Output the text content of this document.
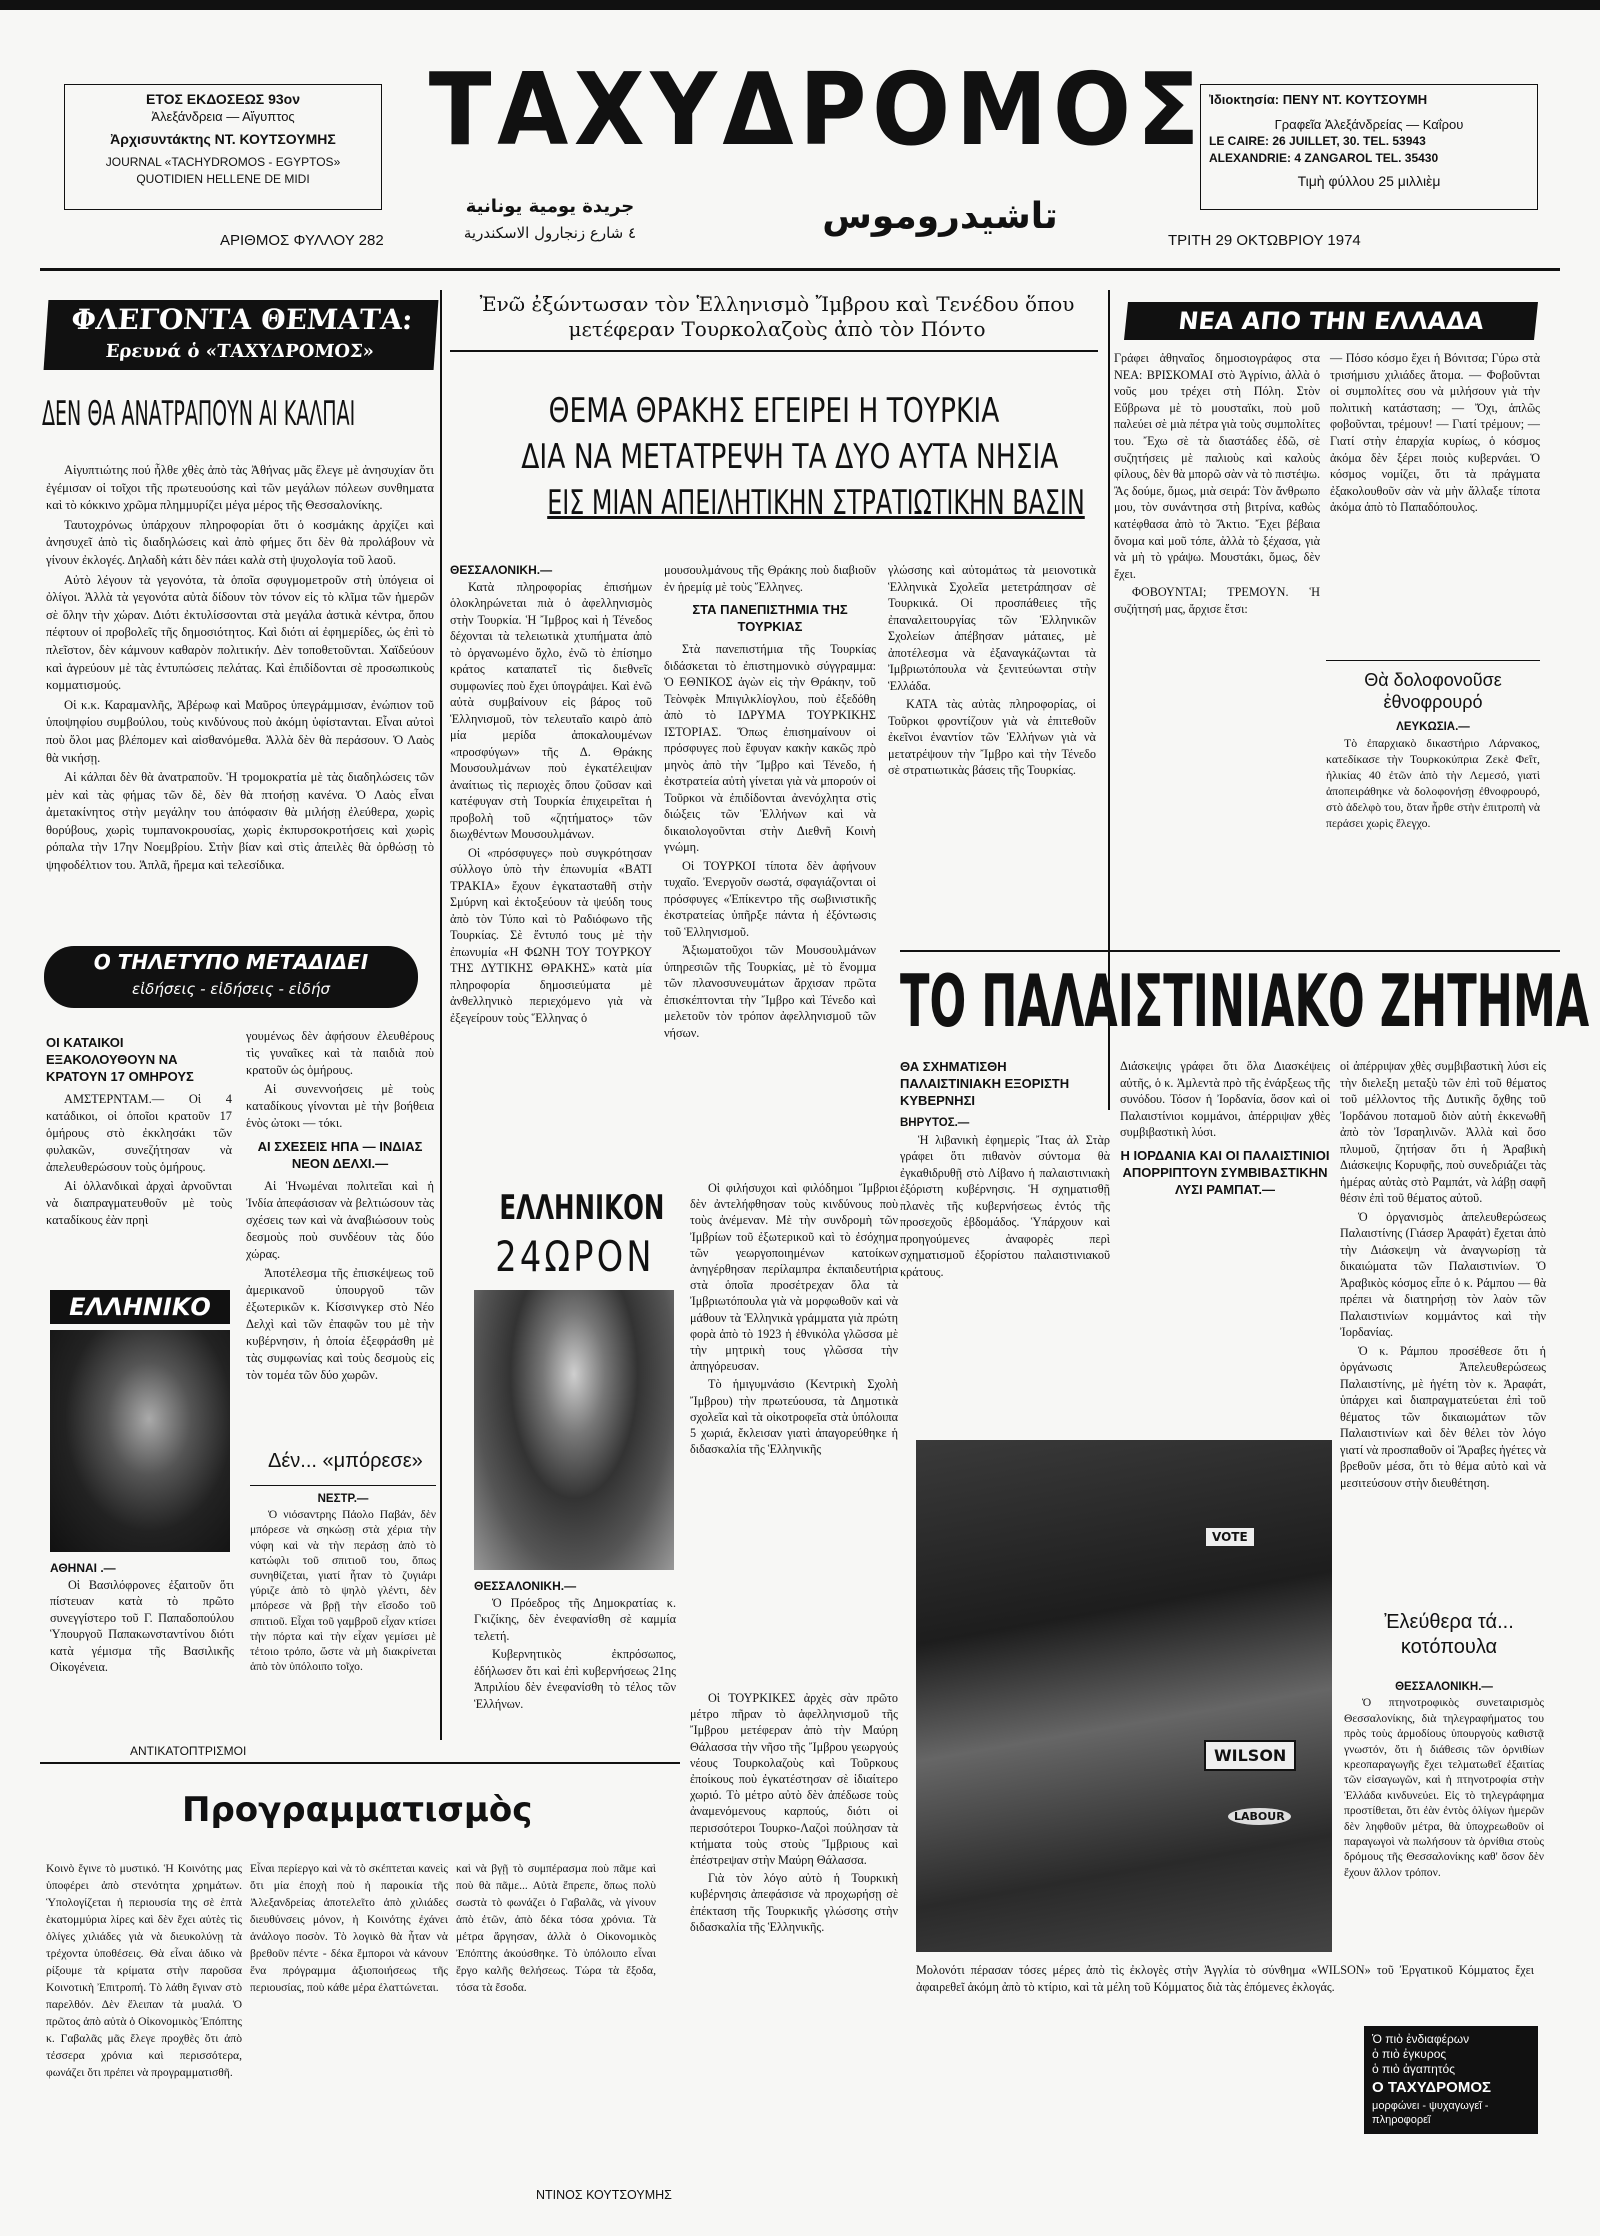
ΕΤΟΣ ΕΚΔΟΣΕΩΣ 93ον
Ἀλεξάνδρεια — Αἴγυπτος
Ἀρχισυντάκτης ΝΤ. ΚΟΥΤΣΟΥΜΗΣ
JOURNAL «TACHYDROMOS - EGYPTOS»
QUOTIDIEN HELLENE DE MIDI
ΤΑΧΥΔΡΟΜΟΣ Ἰδιοκτησία: ΠΕΝΥ ΝΤ. ΚΟΥΤΣΟΥΜΗ
Γραφεῖα Ἀλεξάνδρείας — Καΐρου
LE CAIRE: 26 JUILLET, 30. TEL. 53943
ALEXANDRIE: 4 ZANGAROL TEL. 35430
Τιμὴ φύλλου 25 μιλλιὲμ
ΑΡΙΘΜΟΣ ΦΥΛΛΟΥ 282
جريدة يومية يونانية
٤ شارع زنجارول الاسكندرية	تاشيدروموس
ΤΡΙΤΗ 29 ΟΚΤΩΒΡΙΟΥ 1974
ΦΛΕΓΟΝΤΑ ΘΕΜΑΤΑ:
Ερευνά ὁ «ΤΑΧΥΔΡΟΜΟΣ»
ΔΕΝ ΘΑ ΑΝΑΤΡΑΠΟΥΝ ΑΙ ΚΑΛΠΑΙ

Αἰγυπτιώτης πού ἦλθε χθὲς ἀπὸ τὰς Ἀθήνας μᾶς ἔλεγε μὲ ἀνησυχίαν ὅτι ἐγέμισαν οἱ τοῖχοι τῆς πρωτευούσης καὶ τῶν μεγάλων πόλεων συνθηματα καὶ τὸ κόκκινο χρῶμα πλημμυρίζει μέγα μέρος τῆς Θεσσαλονίκης.

Ταυτοχρόνως ὑπάρχουν πληροφορίαι ὅτι ὁ κοσμάκης ἀρχίζει καὶ ἀνησυχεῖ ἀπὸ τὶς διαδηλώσεις καὶ ἀπὸ φήμες ὅτι δὲν θὰ προλάβουν νὰ γίνουν ἐκλογές. Δηλαδὴ κάτι δὲν πάει καλὰ στὴ ψυχολογία τοῦ λαοῦ.

Αὐτὸ λέγουν τὰ γεγονότα, τὰ ὁποῖα σφυγμομετροῦν στὴ ὑπόγεια οἱ ὀλίγοι. Ἀλλὰ τὰ γεγονότα αὐτὰ δίδουν τὸν τόνον εἰς τὸ κλῖμα τῶν ἡμερῶν σὲ ὅλην τὴν χώραν. Διότι ἐκτυλίσσονται στὰ μεγάλα ἀστικὰ κέντρα, ὅπου πέφτουν οἱ προβολεῖς τῆς δημοσιότητος. Καὶ διότι αἱ ἐφημερίδες, ὡς ἐπὶ τὸ πλεῖστον, δὲν κάμνουν καθαρὸν πολιτικήν. Δὲν τοποθετοῦνται. Χαϊδεύουν καὶ ἀγρεύουν μὲ τὰς ἐντυπώσεις πελάτας. Καὶ ἐπιδίδονται σὲ προσωπικοὺς κομματισμούς.

Οἱ κ.κ. Καραμανλῆς, Ἀβέρωφ καὶ Μαῦρος ὑπεγράμμισαν, ἐνώπιον τοῦ ὑποψηφίου συμβούλου, τοὺς κινδύνους ποὺ ἀκόμη ὑφίστανται. Εἶναι αὐτοὶ ποὺ ὅλοι μας βλέπομεν καὶ αἰσθανόμεθα. Ἀλλὰ δὲν θὰ περάσουν. Ὁ Λαὸς θὰ νικήσῃ.

Αἱ κάλπαι δὲν θὰ ἀνατραποῦν. Ἡ τρομοκρατία μὲ τὰς διαδηλώσεις τῶν μὲν καὶ τὰς φήμας τῶν δὲ, δὲν θὰ πτοήσῃ κανένα. Ὁ Λαὸς εἶναι ἀμετακίνητος στὴν μεγάλην του ἀπόφασιν θὰ μιλήσῃ ἐλεύθερα, χωρὶς θορύβους, χωρὶς τυμπανοκρουσίας, χωρὶς ἐκπυρσοκροτήσεις καὶ χωρὶς ρόπαλα τὴν 17ην Νοεμβρίου. Στὴν βίαν καὶ στὶς ἀπειλὲς θὰ ὀρθώσῃ τὸ ψηφοδέλτιον του. Ἁπλᾶ, ἤρεμα καὶ τελεσίδικα.

Ο ΤΗΛΕΤΥΠΟ ΜΕΤΑΔΙΔΕΙ
εἰδήσεις - εἰδήσεις - εἰδήσ
ΟΙ ΚΑΤΑΙΚΟΙ ΕΞΑΚΟΛΟΥΘΟΥΝ ΝΑ ΚΡΑΤΟΥΝ 17 ΟΜΗΡΟΥΣ

ΑΜΣΤΕΡΝΤΑΜ.— Οἱ 4 κατάδικοι, οἱ ὁποῖοι κρατοῦν 17 ὁμήρους στὸ ἐκκλησάκι τῶν φυλακῶν, συνεζήτησαν νὰ ἀπελευθερώσουν τοὺς ὁμήρους.

Αἱ ὀλλανδικαὶ ἀρχαὶ ἀρνοῦνται νὰ διαπραγματευθοῦν μὲ τοὺς καταδίκους ἐὰν πρηὶ

γουμένως δὲν ἀφήσουν ἐλευθέρους τὶς γυναῖκες καὶ τὰ παιδιὰ ποὺ κρατοῦν ὡς ὁμήρους.

Αἱ συνεννοήσεις μὲ τοὺς καταδίκους γίνονται μὲ τὴν βοήθεια ἑνὸς ὠτοκι — τόκι.

ΑΙ ΣΧΕΣΕΙΣ ΗΠΑ — ΙΝΔΙΑΣ ΝΕΟΝ ΔΕΛΧΙ.—

Αἱ Ἡνωμέναι πολιτεῖαι καὶ ἡ Ἰνδία ἀπεφάσισαν νὰ βελτιώσουν τὰς σχέσεις των καὶ νὰ ἀναβιώσουν τοὺς δεσμοὺς ποὺ συνδέουν τὰς δύο χώρας.

Ἀποτέλεσμα τῆς ἐπισκέψεως τοῦ ἀμερικανοῦ ὑπουργοῦ τῶν ἐξωτερικῶν κ. Κίσσινγκερ στὸ Νέο Δελχὶ καὶ τῶν ἐπαφῶν του μὲ τὴν κυβέρνησιν, ἡ ὁποία ἐξεφράσθη μὲ τὰς συμφωνίας καὶ τοὺς δεσμοὺς εἰς τὸν τομέα τῶν δύο χωρῶν.

ΕΛΛΗΝΙΚΟ
ΑΘΗΝΑΙ .—

Οἱ Βασιλόφρονες ἐξαιτοῦν ὅτι πίστευαν κατὰ τὸ πρῶτο συνεγγίστερο τοῦ Γ. Παπαδοπούλου Ὑπουργοῦ Παπακωνσταντίνου διότι κατὰ γέμισμα τῆς Βασιλικῆς Οἰκογένεια.

Δέν... «μπόρεσε»
ΝΕΣΤΡ.—

Ὁ νιόσαντρης Πάολο Παβάν, δὲν μπόρεσε νὰ σηκώσῃ στὰ χέρια τὴν νύφη καὶ νὰ τὴν περάσῃ ἀπὸ τὸ κατώφλι τοῦ σπιτιοῦ του, ὅπως συνηθίζεται, γιατί ἦταν τὸ ζυγιάρι γύριζε ἀπὸ τὸ ψηλὸ γλέντι, δὲν μπόρεσε νὰ βρῇ τὴν εἴσοδο τοῦ σπιτιοῦ. Εἶχαι τοῦ γαμβροῦ εἶχαν κτίσει τὴν πόρτα καὶ τὴν εἶχαν γεμίσει μὲ τέτοιο τρόπο, ὥστε νὰ μὴ διακρίνεται ἀπὸ τὸν ὑπόλοιπο τοῖχο.

ΑΝΤΙΚΑΤΟΠΤΡΙΣΜΟΙ
Προγραμματισμὸς
Κοινὸ ἔγινε τὸ μυστικό. Ἡ Κοινότης μας ὑποφέρει ἀπὸ στενότητα χρημάτων. Ὑπολογίζεται ἡ περιουσία της σὲ ἑπτὰ ἑκατομμύρια λίρες καὶ δὲν ἔχει αὐτὲς τὶς ὀλίγες χιλιάδες γιὰ νὰ διευκολύνῃ τὰ τρέχοντα ὑποθέσεις. Θὰ εἶναι ἀδικο νὰ ρίξουμε τὰ κρίματα στὴν παροῦσα Κοινοτικὴ Ἐπιτροπή. Τὸ λάθη ἔγιναν στὸ παρελθόν. Δὲν ἔλειπαν τὰ μυαλά. Ὁ πρῶτος ἀπὸ αὐτὰ ὁ Οἰκονομικὸς Ἐπόπτης κ. Γαβαλᾶς μᾶς ἔλεγε προχθὲς ὅτι ἀπὸ τέσσερα χρόνια καὶ περισσότερα, φωνάζει ὅτι πρέπει νὰ προγραμματισθῆ.
Εἶναι περίεργο καὶ νὰ τὸ σκέπτεται κανεὶς ὅτι μία ἐποχὴ ποὺ ἡ παροικία τῆς Ἀλεξανδρείας ἀποτελεῖτο ἀπὸ χιλιάδες διευθύνσεις μόνον, ἡ Κοινότης ἐχάνει ἀνάλογο ποσὸν. Τὸ λογικὸ θὰ ἦταν νὰ βρεθοῦν πέντε - δέκα ἔμποροι νὰ κάνουν ἕνα πρόγραμμα ἀξιοποιήσεως τῆς περιουσίας, ποὺ κάθε μέρα ἐλαττώνεται.
καὶ νὰ βγῇ τὸ συμπέρασμα ποὺ πᾶμε καὶ ποὺ θὰ πᾶμε... Αὐτὰ ἔπρεπε, ὅπως πολὺ σωστὰ τὸ φωνάζει ὁ Γαβαλᾶς, νὰ γίνουν ἀπὸ ἐτῶν, ἀπὸ δέκα τόσα χρόνια. Τὰ μέτρα ἄργησαν, ἀλλὰ ὁ Οἰκονομικὸς Ἐπόπτης ἀκούσθηκε. Τὸ ὑπόλοιπο εἶναι ἔργο καλῆς θελήσεως. Τώρα τὰ ἔξοδα, τόσα τὰ ἔσοδα.
ΝΤΙΝΟΣ ΚΟΥΤΣΟΥΜΗΣ
Ἐνῶ ἐξώντωσαν τὸν Ἑλληνισμὸ Ἴμβρου καὶ Τενέδου ὅπου μετέφεραν Τουρκολαζοὺς ἀπὸ τὸν Πόντο
ΘΕΜΑ ΘΡΑΚΗΣ ΕΓΕΙΡΕΙ Η ΤΟΥΡΚΙΑ
ΔΙΑ ΝΑ ΜΕΤΑΤΡΕΨΗ ΤΑ ΔΥΟ ΑΥΤΑ ΝΗΣΙΑ
ΕΙΣ ΜΙΑΝ ΑΠΕΙΛΗΤΙΚΗΝ ΣΤΡΑΤΙΩΤΙΚΗΝ ΒΑΣΙΝ
ΘΕΣΣΑΛΟΝΙΚΗ.—

Κατὰ πληροφορίας ἐπισήμων ὁλοκληρώνεται πιὰ ὁ ἀφελληνισμὸς στὴν Τουρκία. Ἡ Ἴμβρος καὶ ἡ Τένεδος δέχονται τὰ τελειωτικὰ χτυπήματα ἀπὸ τὸ ὀργανωμένο ὄχλο, ἐνῶ τὸ ἐπίσημο κράτος καταπατεῖ τὶς διεθνεῖς συμφωνίες ποὺ ἔχει ὑπογράψει. Καὶ ἐνῶ αὐτὰ συμβαίνουν εἰς βάρος τοῦ Ἑλληνισμοῦ, τὸν τελευταῖο καιρὸ ἀπὸ μία μερίδα ἀποκαλουμένων «προσφύγων» τῆς Δ. Θράκης Μουσουλμάνων ποὺ ἐγκατέλειψαν ἀναίτιως τὶς περιοχὲς ὅπου ζοῦσαν καὶ κατέφυγαν στὴ Τουρκία ἐπιχειρεῖται ἡ προβολὴ τοῦ «ζητήματος» τῶν διωχθέντων Μουσουλμάνων.

Οἱ «πρόσφυγες» ποὺ συγκρότησαν σύλλογο ὑπὸ τὴν ἐπωνυμία «ΒΑΤΙ ΤΡΑΚΙΑ» ἔχουν ἐγκατασταθῆ στὴν Σμύρνη καὶ ἐκτοξεύουν τὰ ψεύδη τους ἀπὸ τὸν Τύπο καὶ τὸ Ραδιόφωνο τῆς Τουρκίας. Σὲ ἔντυπό τους μὲ τὴν ἐπωνυμία «Η ΦΩΝΗ ΤΟΥ ΤΟΥΡΚΟΥ ΤΗΣ ΔΥΤΙΚΗΣ ΘΡΑΚΗΣ» κατὰ μία πληροφορία δημοσιεύματα μὲ ἀνθελληνικὸ περιεχόμενο γιὰ νὰ ἐξεγείρουν τοὺς Ἕλληνας ὁ

μουσουλμάνους τῆς Θράκης ποὺ διαβιοῦν ἐν ἡρεμίᾳ μὲ τοὺς Ἕλληνες.

ΣΤΑ ΠΑΝΕΠΙΣΤΗΜΙΑ ΤΗΣ ΤΟΥΡΚΙΑΣ

Στὰ πανεπιστήμια τῆς Τουρκίας διδάσκεται τὸ ἐπιστημονικὸ σύγγραμμα: Ὁ ΕΘΝΙΚΟΣ ἀγὼν εἰς τὴν Θράκην, τοῦ Τεὸνφὲκ Μπιγιλκλίογλου, ποὺ ἐξεδόθη ἀπὸ τὸ ΙΔΡΥΜΑ ΤΟΥΡΚΙΚΗΣ ΙΣΤΟΡΙΑΣ. Ὅπως ἐπισημαίνουν οἱ πρόσφυγες ποὺ ἔφυγαν κακὴν κακῶς πρὸ μηνὸς ἀπὸ τὴν Ἴμβρο καὶ Τένεδο, ἡ ἐκστρατεία αὐτὴ γίνεται γιὰ νὰ μπορούν οἱ Τοῦρκοι νὰ ἐπιδίδονται ἀνενόχλητα στὶς διώξεις τῶν Ἑλλήνων καὶ νὰ δικαιολογοῦνται στὴν Διεθνῆ Κοινὴ γνώμη.

Οἱ ΤΟΥΡΚΟΙ τίποτα δὲν ἀφήνουν τυχαῖο. Ἐνεργοῦν σωστά, σφαγιάζονται οἱ πρόσφυγες «Ἐπίκεντρο τῆς σωβινιστικῆς ἐκστρατείας ὑπῆρξε πάντα ἡ ἐξόντωσις τοῦ Ἑλληνισμοῦ.

Ἀξιωματοῦχοι τῶν Μουσουλμάνων ὑπηρεσιῶν τῆς Τουρκίας, μὲ τὸ ἔνομμα τῶν πλανοσυνευμάτων ἄρχισαν πρῶτα ἐπισκέπτονται τὴν Ἴμβρο καὶ Τένεδο καὶ μελετοῦν τὸν τρόπον ἀφελληνισμοῦ τῶν νήσων.

γλώσσης καὶ αὐτομάτως τὰ μειονοτικὰ Ἑλληνικὰ Σχολεῖα μετετράπησαν σὲ Τουρκικά. Οἱ προσπάθειες τῆς ἐπαναλειτουργίας τῶν Ἑλληνικῶν Σχολείων ἀπέβησαν μάταιες, μὲ ἀποτέλεσμα νὰ ἐξαναγκάζωνται τὰ Ἰμβριωτόπουλα νὰ ξενιτεύωνται στὴν Ἑλλάδα.

ΚΑΤΑ τὰς αὐτὰς πληροφορίας, οἱ Τοῦρκοι φροντίζουν γιὰ νὰ ἐπιτεθοῦν ἐκεῖνοι ἐναντίον τῶν Ἑλλήνων γιὰ νὰ μετατρέψουν τὴν Ἴμβρο καὶ τὴν Τένεδο σὲ στρατιωτικὰς βάσεις τῆς Τουρκίας.

ΕΛΛΗΝΙΚΟΝ
24ΩΡΟΝ
ΘΕΣΣΑΛΟΝΙΚΗ.—

Ὁ Πρόεδρος τῆς Δημοκρατίας κ. Γκιζίκης, δὲν ἐνεφανίσθη σὲ καμμία τελετή.

Κυβερνητικὸς ἐκπρόσωπος, ἐδήλωσεν ὅτι καὶ ἐπὶ κυβερνήσεως 21ης Ἀπριλίου δὲν ἐνεφανίσθη τὸ τέλος τῶν Ἑλλήνων.

Οἱ φιλήσυχοι καὶ φιλόδημοι Ἴμβριοι δὲν ἀντελήφθησαν τοὺς κινδύνους ποὺ τοὺς ἀνέμεναν. Μὲ τὴν συνδρομὴ τῶν Ἰμβρίων τοῦ ἐξωτερικοῦ καὶ τὸ ἐσόχημα τῶν γεωργοποιημένων κατοίκων ἀνηγέρθησαν περίλαμπρα ἐκπαιδευτήρια στὰ ὁποῖα προσέτρεχαν ὅλα τὰ Ἰμβριωτόπουλα γιὰ νὰ μορφωθοῦν καὶ νὰ μάθουν τὰ Ἑλληνικὰ γράμματα γιὰ πρώτη φορὰ ἀπὸ τὸ 1923 ἡ ἐθνικόλα γλῶσσα μὲ τὴν μητρικὴ τους γλῶσσα τὴν ἀπηγόρευσαν.

Τὸ ἡμιγυμνάσιο (Κεντρικὴ Σχολὴ Ἴμβρου) τὴν πρωτεύουσα, τὰ Δημοτικὰ σχολεῖα καὶ τὰ οἰκοτροφεῖα στὰ ὑπόλοιπα 5 χωριά, ἔκλεισαν γιατὶ ἀπαγορεύθηκε ἡ διδασκαλία τῆς Ἑλληνικῆς

Οἱ ΤΟΥΡΚΙΚΕΣ ἀρχὲς σὰν πρῶτο μέτρο πῆραν τὸ ἀφελληνισμοῦ τῆς Ἴμβρου μετέφεραν ἀπὸ τὴν Μαύρη Θάλασσα τὴν νῆσο τῆς Ἴμβρου γεωργούς νέους Τουρκολαζοὺς καὶ Τοῦρκους ἐποίκους ποὺ ἐγκατέστησαν σὲ ἰδιαίτερο χωριό. Τὸ μέτρο αὐτὸ δὲν ἀπέδωσε τοὺς ἀναμενόμενους καρπούς, διότι οἱ περισσότεροι Τουρκο-Λαζοὶ πούλησαν τὰ κτήματα τοὺς στοὺς Ἴμβριους καὶ ἐπέστρεψαν στὴν Μαύρη Θάλασσα.

Γιὰ τὸν λόγο αὐτὸ ἡ Τουρκικὴ κυβέρνησις ἀπεφάσισε νὰ προχωρήσῃ σὲ ἐπέκταση τῆς Τουρκικῆς γλώσσης στὴν διδασκαλία τῆς Ἑλληνικῆς.

ΝΕΑ ΑΠΟ ΤΗΝ ΕΛΛΑΔΑ

Γράφει ἀθηναῖος δημοσιογράφος στα ΝΕΑ: ΒΡΙΣΚΟΜΑΙ στὸ Ἀγρίνιο, ἀλλὰ ὁ νοῦς μου τρέχει στὴ Πόλη. Στὸν Εὔβρωνα μὲ τὸ μουσταϊκι, ποὺ μοῦ παλεύει σὲ μιὰ πέτρα γιὰ τοὺς συμπολίτες του. Ἔχω σὲ τὰ διαστάδες ἐδῶ, σὲ συζητήσεις μὲ παλιοὺς καὶ καλοὺς φίλους, δὲν θὰ μπορῶ σὰν νὰ τὸ πιστέψω. Ἂς δούμε, ὅμως, μιὰ σειρά: Τὸν ἄνθρωπο μου, τὸν συνάντησα στὴ βιτρίνα, καθὼς κατέφθασα ἀπὸ τὸ Ἄκτιο. Ἔχει βέβαια ὄνομα καὶ μοῦ τόπε, ἀλλὰ τὸ ξέχασα, γιὰ νὰ μὴ τὸ γράψω. Μουστάκι, ὅμως, δὲν ἔχει.

ΦΟΒΟΥΝΤΑΙ; ΤΡΕΜΟΥΝ. Ἡ συζήτησή μας, ἄρχισε ἔτσι:

— Πόσο κόσμο ἔχει ἡ Βόνιτσα; Γύρω στὰ τρισήμισυ χιλιάδες ἄτομα. — Φοβοῦνται οἱ συμπολίτες σου νὰ μιλήσουν γιὰ τὴν πολιτικὴ κατάσταση; — Ὄχι, ἁπλῶς φοβοῦνται, τρέμουν! — Γιατί τρέμουν; — Γιατί στὴν ἐπαρχία κυρίως, ὁ κόσμος ἀκόμα δὲν ξέρει ποιὸς κυβερνάει. Ὁ κόσμος νομίζει, ὅτι τὰ πράγματα ἐξακολουθοῦν σὰν νὰ μὴν ἄλλαξε τίποτα ἀκόμα ἀπὸ τὸ Παπαδόπουλος.

Θὰ δολοφονοῦσε ἐθνοφρουρό
ΛΕΥΚΩΣΙΑ.—

Τὸ ἐπαρχιακὸ δικαστήριο Λάρνακος, κατεδίκασε τὴν Τουρκοκύπρια Ζεκὲ Φεΐτ, ἡλικίας 40 ἐτῶν ἀπὸ τὴν Λεμεσό, γιατὶ ἀποπειράθηκε νὰ δολοφονήσῃ ἐθνοφρουρό, στὸ ἀδελφὸ του, ὅταν ἦρθε στὴν ἐπιτροπὴ νὰ περάσει χωρὶς ἔλεγχο.

ΤΟ ΠΑΛΑΙΣΤΙΝΙΑΚΟ ΖΗΤΗΜΑ
ΘΑ ΣΧΗΜΑΤΙΣΘΗ ΠΑΛΑΙΣΤΙΝΙΑΚΗ ΕΞΟΡΙΣΤΗ ΚΥΒΕΡΝΗΣΙ
ΒΗΡΥΤΟΣ.—

Ἡ λιβανικὴ ἐφημερὶς Ἴτας ἀλ Στὰρ γράφει ὅτι πιθανὸν σύντομα θὰ ἐγκαθιδρυθῇ στὸ Λίβανο ἡ παλαιστινιακὴ ἐξόριστη κυβέρνησις. Ἡ σχηματισθῇ πλανὲς τῆς κυβερνήσεως ἐντός τῆς προσεχοῦς ἑβδομάδος. Ὑπάρχουν καὶ προηγούμενες ἀναφορὲς περὶ σχηματισμοῦ ἐξορίστου παλαιστινιακοῦ κράτους.

Διάσκεψις γράφει ὅτι ὅλα Διασκέψεις αὐτῆς, ὁ κ. Ἀμλεντὰ πρὸ τῆς ἐνάρξεως τῆς συνόδου. Τόσον ἡ Ἰορδανία, ὅσον καὶ οἱ Παλαιστίνιοι κομμάνοι, ἀπέρριψαν χθὲς συμβιβαστικὴ λύσι.

Η ΙΟΡΔΑΝΙΑ ΚΑΙ ΟΙ ΠΑΛΑΙΣΤΙΝΙΟΙ ΑΠΟΡΡΙΠΤΟΥΝ ΣΥΜΒΙΒΑΣΤΙΚΗΝ ΛΥΣΙ ΡΑΜΠΑΤ.—

οἱ ἀπέρριψαν χθὲς συμβιβαστικὴ λύσι εἰς τὴν διελεξη μεταξὺ τῶν ἐπὶ τοῦ θέματος τοῦ μέλλοντος τῆς Δυτικῆς ὄχθης τοῦ Ἰορδάνου ποταμοῦ διὸν αὐτὴ ἐκκενωθῆ ἀπὸ τὸν Ἰσραηλινῶν. Ἀλλὰ καὶ ὅσο πλυμοῦ, ζητήσαν ὅτι ἡ Ἀραβικὴ Διάσκεψις Κορυφῆς, ποὺ συνεδριάζει τὰς ἡμέρας αὐτὰς στὸ Ραμπάτ, νὰ λάβῃ σαφῆ θέσιν ἐπὶ τοῦ θέματος αὐτοῦ.

Ὁ ὀργανισμὸς ἀπελευθερώσεως Παλαιστίνης (Γιάσερ Ἀραφάτ) ἔχεται ἀπὸ τὴν Διάσκεψη νὰ ἀναγνωρίσῃ τὰ δικαιώματα τῶν Παλαιστινίων. Ὁ Ἀραβικὸς κόσμος εἶπε ὁ κ. Ράμπου — θὰ πρέπει νὰ διατηρήσῃ τὸν λαὸν τῶν Παλαιστινίων κομμάντος καὶ τὴν Ἰορδανίας.

Ὁ κ. Ράμπου προσέθεσε ὅτι ἡ ὀργάνωσις Ἀπελευθερώσεως Παλαιστίνης, μὲ ἡγέτη τὸν κ. Ἀραφάτ, ὑπάρχει καὶ διαπραγματεύεται ἐπὶ τοῦ θέματος τῶν δικαιωμάτων τῶν Παλαιστινίων καὶ δὲν θέλει τὸν λόγο γιατί νὰ προσπαθοῦν οἱ Ἄραβες ἡγέτες νὰ βρεθοῦν μέσα, ὅτι τὸ θέμα αὐτὸ καὶ νὰ μεσιτεύσουν στὴν διευθέτηση.

VOTE
WILSON
LABOUR
Μολονότι πέρασαν τόσες μέρες ἀπὸ τὶς ἐκλογὲς στὴν Ἀγγλία τὸ σύνθημα «WILSON» τοῦ Ἐργατικοῦ Κόμματος ἔχει ἀφαιρεθεῖ ἀκόμη ἀπὸ τὸ κτίριο, καὶ τὰ μέλη τοῦ Κόμματος διὰ τὰς ἐπόμενες ἐκλογάς.
Ἐλεύθερα τά... κοτόπουλα
ΘΕΣΣΑΛΟΝΙΚΗ.—

Ὁ πτηνοτροφικὸς συνεταιρισμὸς Θεσσαλονίκης, διὰ τηλεγραφήματος του πρὸς τοὺς ἁρμοδίους ὑπουργοὺς καθιστᾷ γνωστόν, ὅτι ἡ διάθεσις τῶν ὀρνιθίων κρεοπαραγωγῆς ἔχει τελματωθεῖ ἐξαιτίας τῶν εἰσαγωγῶν, καὶ ἡ πτηνοτροφία στὴν Ἑλλάδα κινδυνεύει. Εἰς τὸ τηλεγράφημα προστίθεται, ὅτι ἐὰν ἐντὸς ὀλίγων ἡμερῶν δὲν ληφθοῦν μέτρα, θὰ ὑποχρεωθοῦν οἱ παραγωγοὶ νὰ πωλήσουν τὰ ὀρνίθια στοὺς δρόμους τῆς Θεσσαλονίκης καθ' ὅσον δὲν ἔχουν ἄλλον τρόπον.

Ὁ πιὸ ἐνδιαφέρων
ὁ πιὸ ἐγκυρος
ὁ πιὸ ἀγαπητός
Ο ΤΑΧΥΔΡΟΜΟΣ
μορφώνει - ψυχαγωγεῖ - πληροφορεῖ
